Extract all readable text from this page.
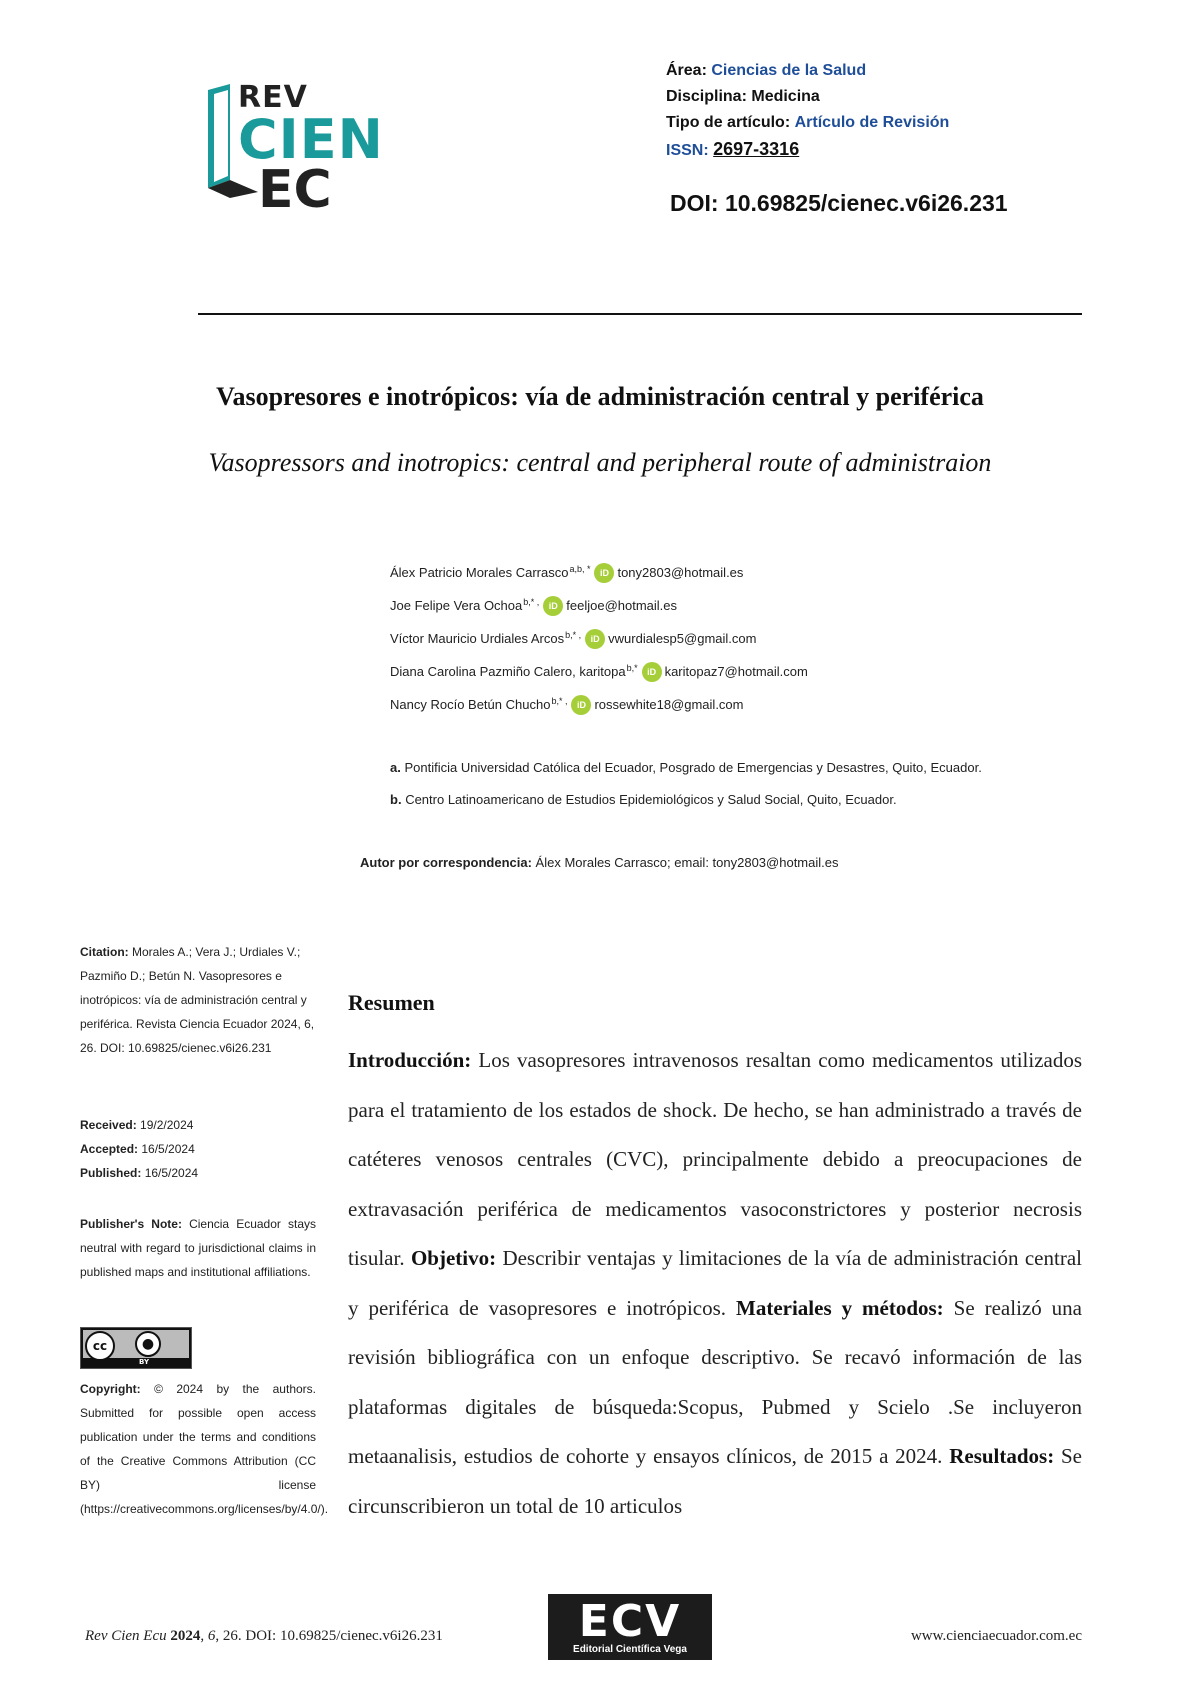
REV
CIEN
EC
Área: Ciencias de la Salud
Disciplina: Medicina
Tipo de artículo: Artículo de Revisión
ISSN: 2697-3316
DOI: 10.69825/cienec.v6i26.231
Vasopresores e inotrópicos: vía de administración central y periférica
Vasopressors and inotropics: central and peripheral route of administraion
Álex Patricio Morales Carrasco$^{a,b, *}$	iD tony2803@hotmail.es
Joe Felipe Vera Ochoa$^{b,* ,}$	iD feeljoe@hotmail.es
Víctor Mauricio Urdiales Arcos$^{b,* ,}$	iD vwurdialesp5@gmail.com
Diana Carolina Pazmiño Calero, karitopa$^{b,*}$	iD karitopaz7@hotmail.com
Nancy Rocío Betún Chucho$^{b,* ,}$	iD rossewhite18@gmail.com
a. Pontificia Universidad Católica del Ecuador, Posgrado de Emergencias y Desastres, Quito, Ecuador.
b. Centro Latinoamericano de Estudios Epidemiológicos y Salud Social, Quito, Ecuador.
Autor por correspondencia: Álex Morales Carrasco; email: tony2803@hotmail.es
Citation: Morales A.; Vera J.; Urdiales V.; Pazmiño D.; Betún N. Vasopresores e inotrópicos: vía de administración central y periférica. Revista Ciencia Ecuador 2024, 6, 26. DOI: 10.69825/cienec.v6i26.231
Received: 19/2/2024
Accepted: 16/5/2024
Published: 16/5/2024
Publisher's Note: Ciencia Ecuador stays neutral with regard to jurisdictional claims in published maps and institutional affiliations.
cc	●
BY
Copyright: © 2024 by the authors. Submitted for possible open access publication under the terms and conditions of the Creative Commons Attribution (CC BY) license (https://creativecommons.org/licenses/by/4.0/).
Resumen
Introducción: Los vasopresores intravenosos resaltan como medicamentos utilizados para el tratamiento de los estados de shock. De hecho, se han administrado a través de catéteres venosos centrales (CVC), principalmente debido a preocupaciones de extravasación periférica de medicamentos vasoconstrictores y posterior necrosis tisular. Objetivo: Describir ventajas y limitaciones de la vía de administración central y periférica de vasopresores e inotrópicos. Materiales y métodos: Se realizó una revisión bibliográfica con un enfoque descriptivo. Se recavó información de las plataformas digitales de búsqueda:Scopus, Pubmed y Scielo .Se incluyeron metaanalisis, estudios de cohorte y ensayos clínicos, de 2015 a 2024. Resultados: Se circunscribieron un total de 10 articulos
Rev Cien Ecu 2024, 6, 26. DOI: 10.69825/cienec.v6i26.231	ECV
Editorial Científica Vega
www.cienciaecuador.com.ec
